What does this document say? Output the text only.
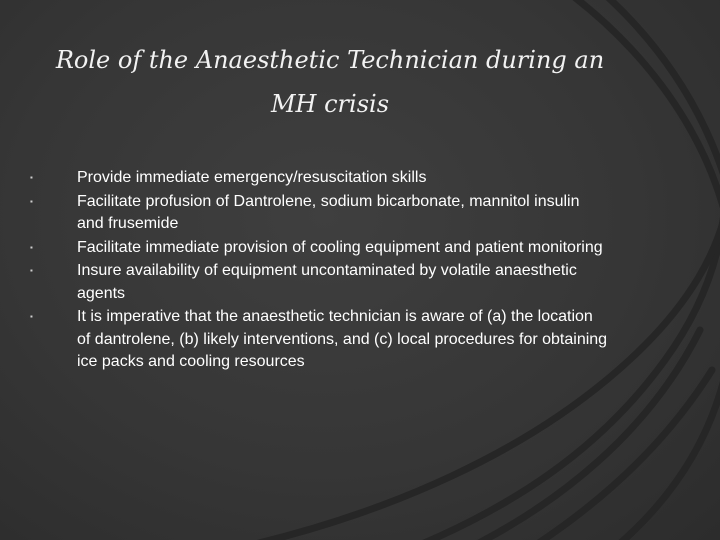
Role of the Anaesthetic Technician during an MH crisis
▪	Provide immediate emergency/resuscitation skills
▪	Facilitate profusion of Dantrolene, sodium bicarbonate, mannitol insulin and frusemide
▪	Facilitate immediate provision of cooling equipment and patient monitoring
▪	Insure availability of equipment uncontaminated by volatile anaesthetic agents
▪	It is imperative that the anaesthetic technician is aware of (a) the location of dantrolene, (b) likely interventions, and (c) local procedures for obtaining ice packs and cooling resources
